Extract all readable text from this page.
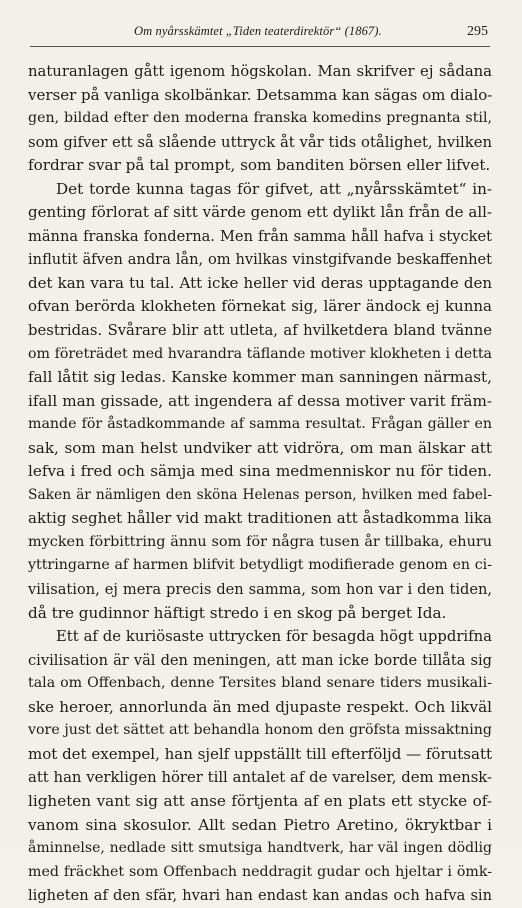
Om nyårsskämtet „Tiden teaterdirektör“ (1867).	295
naturanlagen gått igenom högskolan. Man skrifver ej sådana
verser på vanliga skolbänkar. Detsamma kan sägas om dialo-
gen, bildad efter den moderna franska komedins pregnanta stil,
som gifver ett så slående uttryck åt vår tids otålighet, hvilken
fordrar svar på tal prompt, som banditen börsen eller lifvet.
Det torde kunna tagas för gifvet, att „nyårsskämtet“ in-
genting förlorat af sitt värde genom ett dylikt lån från de all-
männa franska fonderna. Men från samma håll hafva i stycket
influtit äfven andra lån, om hvilkas vinstgifvande beskaffenhet
det kan vara tu tal. Att icke heller vid deras upptagande den
ofvan berörda klokheten förnekat sig, lärer ändock ej kunna
bestridas. Svårare blir att utleta, af hvilketdera bland tvänne
om företrädet med hvarandra täflande motiver klokheten i detta
fall låtit sig ledas. Kanske kommer man sanningen närmast,
ifall man gissade, att ingendera af dessa motiver varit främ-
mande för åstadkommande af samma resultat. Frågan gäller en
sak, som man helst undviker att vidröra, om man älskar att
lefva i fred och sämja med sina medmenniskor nu för tiden.
Saken är nämligen den sköna Helenas person, hvilken med fabel-
aktig seghet håller vid makt traditionen att åstadkomma lika
mycken förbittring ännu som för några tusen år tillbaka, ehuru
yttringarne af harmen blifvit betydligt modifierade genom en ci-
vilisation, ej mera precis den samma, som hon var i den tiden,
då tre gudinnor häftigt stredo i en skog på berget Ida.
Ett af de kuriösaste uttrycken för besagda högt uppdrifna
civilisation är väl den meningen, att man icke borde tillåta sig
tala om Offenbach, denne Tersites bland senare tiders musikali-
ske heroer, annorlunda än med djupaste respekt. Och likväl
vore just det sättet att behandla honom den gröfsta missaktning
mot det exempel, han sjelf uppställt till efterföljd — förutsatt
att han verkligen hörer till antalet af de varelser, dem mensk-
ligheten vant sig att anse förtjenta af en plats ett stycke of-
vanom sina skosulor. Allt sedan Pietro Aretino, ökryktbar i
åminnelse, nedlade sitt smutsiga handtverk, har väl ingen dödlig
med fräckhet som Offenbach neddragit gudar och hjeltar i ömk-
ligheten af den sfär, hvari han endast kan andas och hafva sin
